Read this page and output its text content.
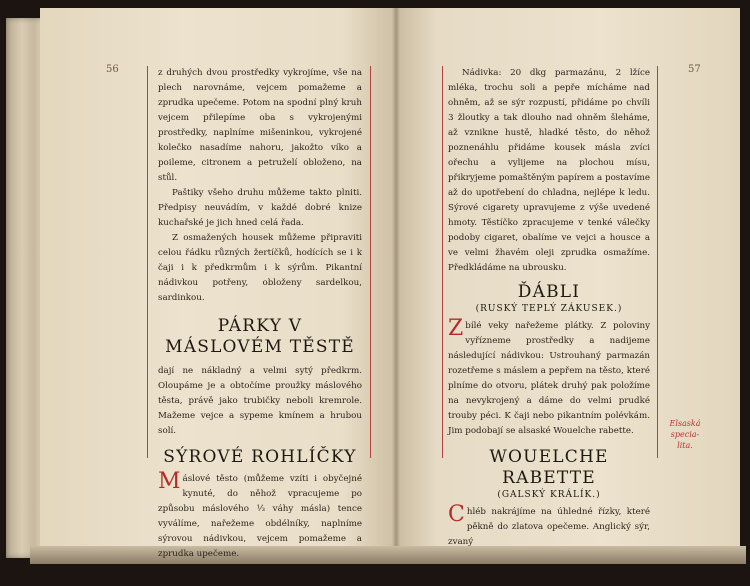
56	z druhých dvou prostředky vykrojíme, vše na plech narovnáme, vejcem pomažeme a zprudka upečeme. Potom na spodní plný kruh vejcem přilepíme oba s vykrojenými prostředky, naplníme mišeninkou, vykrojené kolečko nasadíme nahoru, jakožto víko a poileme, citronem a petruželí obloženo, na stůl.

Paštiky všeho druhu můžeme takto plniti. Předpisy neuvádím, v každé dobré knize kuchařské je jich hned celá řada.

Z osmažených housek můžeme připraviti celou řádku různých žertíčků, hodících se i k čaji i k předkrmům i k sýrům. Pikantní nádivkou potřeny, obloženy sardelkou, sardinkou.

PÁRKY V MÁSLOVÉM TĚSTĚ

dají ne nákladný a velmi sytý předkrm. Oloupáme je a obtočíme proužky máslového těsta, právě jako trubičky neboli kremrole. Mažeme vejce a sypeme kmínem a hrubou solí.

SÝROVÉ ROHLÍČKY

Máslové těsto (můžeme vzíti i obyčejné kynuté, do něhož vpracujeme po způsobu máslového ⅓ váhy másla) tence vyválíme, nařežeme obdélníky, naplníme sýrovou nádivkou, vejcem pomažeme a zprudka upečeme.

57

Nádivka: 20 dkg parmazánu, 2 lžíce mléka, trochu soli a pepře mícháme nad ohněm, až se sýr rozpustí, přidáme po chvíli 3 žloutky a tak dlouho nad ohněm šleháme, až vznikne hustě, hladké těsto, do něhož poznenáhlu přidáme kousek másla zvíci ořechu a vylijeme na plochou mísu, přikryjeme pomaštěným papírem a postavíme až do upotřebení do chladna, nejlépe k ledu. Sýrové cigarety upravujeme z výše uvedené hmoty. Těstíčko zpracujeme v tenké válečky podoby cigaret, obalíme ve vejci a housce a ve velmi žhavém oleji zprudka osmažíme. Předkládáme na ubrousku.

ĎÁBLI
(RUSKÝ TEPLÝ ZÁKUSEK.)

Zbílé veky nařežeme plátky. Z poloviny vyříznеme prostředky a nadijeme následující nádivkou: Ustrouhaný parmazán rozetřeme s máslem a pepřem na těsto, které plníme do otvoru, plátek druhý pak položíme na nevykrojený a dáme do velmi prudké trouby péci. K čaji nebo pikantním polévkám. Jim podobají se alsaské Wouelche rabette.

WOUELCHE RABETTE
(GALSKÝ KRÁLÍK.)

Chléb nakrájíme na úhledné řízky, které pěkně do zlatova opečeme. Anglický sýr, zvaný

Elsaská
specia-
lita.
